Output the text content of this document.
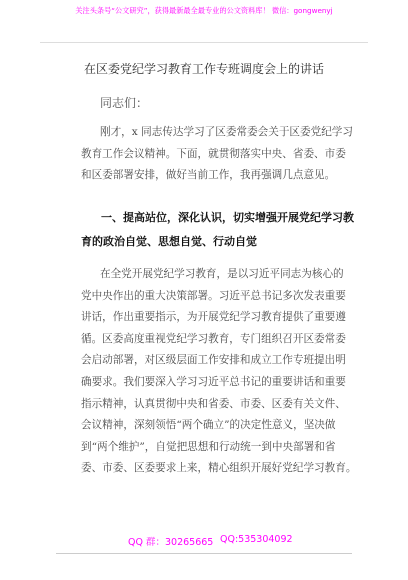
关注头条号“公文研究”，获得最新最全最专业的公文资料库！ 微信：gongwenyj
在区委党纪学习教育工作专班调度会上的讲话
同志们：
刚才，x 同志传达学习了区委常委会关于区委党纪学习
教育工作会议精神。下面，就贯彻落实中央、省委、市委
和区委部署安排，做好当前工作，我再强调几点意见。
一、提高站位，深化认识，切实增强开展党纪学习教
育的政治自觉、思想自觉、行动自觉
在全党开展党纪学习教育，是以习近平同志为核心的
党中央作出的重大决策部署。习近平总书记多次发表重要
讲话，作出重要指示，为开展党纪学习教育提供了重要遵
循。区委高度重视党纪学习教育，专门组织召开区委常委
会启动部署，对区级层面工作安排和成立工作专班提出明
确要求。我们要深入学习习近平总书记的重要讲话和重要
指示精神，认真贯彻中央和省委、市委、区委有关文件、
会议精神，深刻领悟“两个确立”的决定性意义，坚决做
到“两个维护”，自觉把思想和行动统一到中央部署和省
委、市委、区委要求上来，精心组织开展好党纪学习教育。
QQ 群：30265665 QQ:535304092
